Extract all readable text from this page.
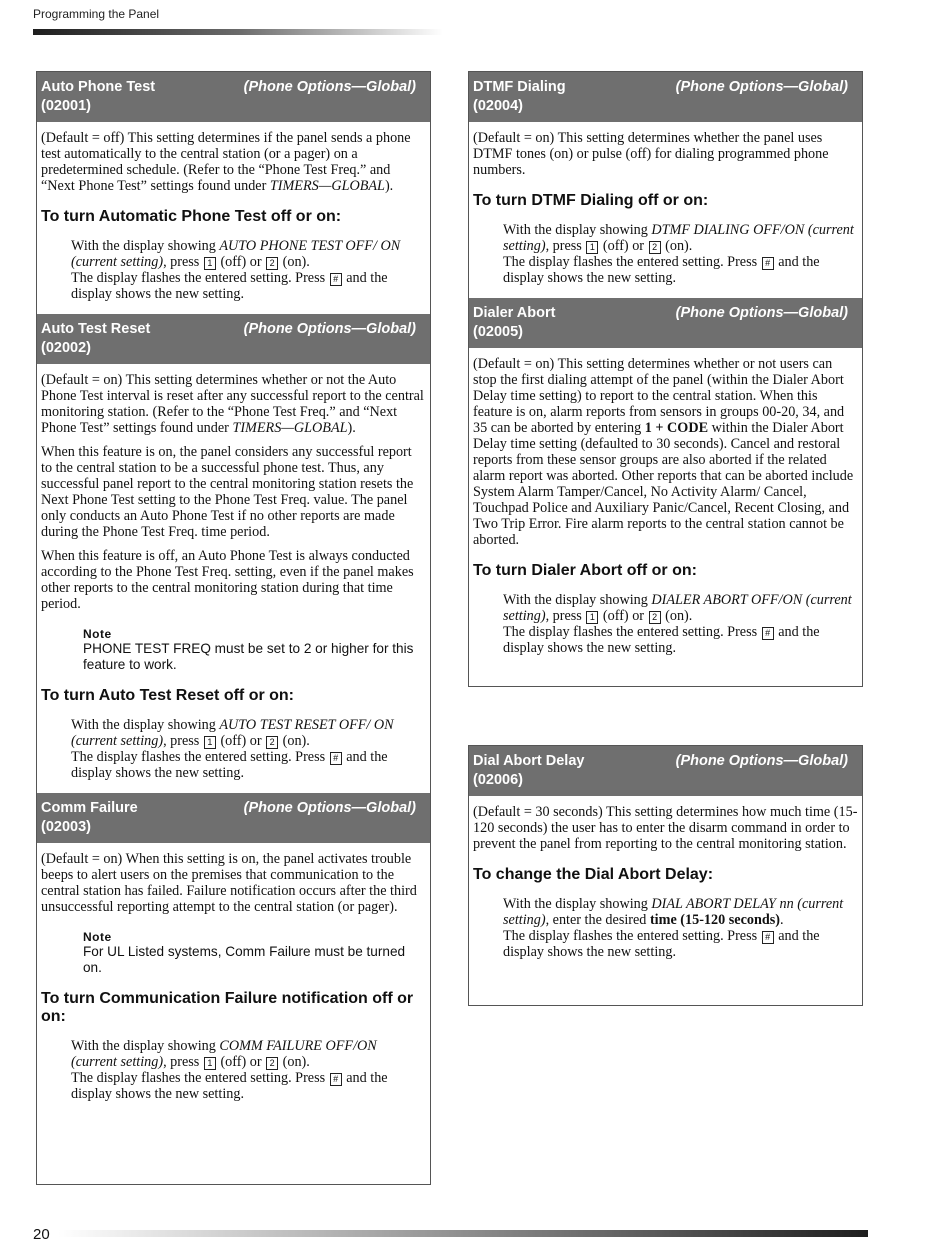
Programming the Panel
Auto Phone Test
(02001)
(Phone Options—Global)

(Default = off) This setting determines if the panel sends a phone test automatically to the central station (or a pager) on a predetermined schedule. (Refer to the “Phone Test Freq.” and “Next Phone Test” settings found under TIMERS—GLOBAL).

To turn Automatic Phone Test off or on:

With the display showing AUTO PHONE TEST OFF/ ON (current setting), press 1 (off) or 2 (on).
The display flashes the entered setting. Press # and the display shows the new setting.

Auto Test Reset
(02002)
(Phone Options—Global)

(Default = on) This setting determines whether or not the Auto Phone Test interval is reset after any successful report to the central monitoring station. (Refer to the “Phone Test Freq.” and “Next Phone Test” settings found under TIMERS—GLOBAL).

When this feature is on, the panel considers any successful report to the central station to be a successful phone test. Thus, any successful panel report to the central monitoring station resets the Next Phone Test setting to the Phone Test Freq. value. The panel only conducts an Auto Phone Test if no other reports are made during the Phone Test Freq. time period.

When this feature is off, an Auto Phone Test is always conducted according to the Phone Test Freq. setting, even if the panel makes other reports to the central monitoring station during that time period.

Note
PHONE TEST FREQ must be set to 2 or higher for this feature to work.
To turn Auto Test Reset off or on:

With the display showing AUTO TEST RESET OFF/ ON (current setting), press 1 (off) or 2 (on).
The display flashes the entered setting. Press # and the display shows the new setting.

Comm Failure
(02003)
(Phone Options—Global)

(Default = on) When this setting is on, the panel activates trouble beeps to alert users on the premises that communication to the central station has failed. Failure notification occurs after the third unsuccessful reporting attempt to the central station (or pager).

Note
For UL Listed systems, Comm Failure must be turned on.
To turn Communication Failure notification off or on:

With the display showing COMM FAILURE OFF/ON (current setting), press 1 (off) or 2 (on).
The display flashes the entered setting. Press # and the display shows the new setting.

DTMF Dialing
(02004)
(Phone Options—Global)

(Default = on) This setting determines whether the panel uses DTMF tones (on) or pulse (off) for dialing programmed phone numbers.

To turn DTMF Dialing off or on:

With the display showing DTMF DIALING OFF/ON (current setting), press 1 (off) or 2 (on).
The display flashes the entered setting. Press # and the display shows the new setting.

Dialer Abort
(02005)
(Phone Options—Global)

(Default = on) This setting determines whether or not users can stop the first dialing attempt of the panel (within the Dialer Abort Delay time setting) to report to the central station. When this feature is on, alarm reports from sensors in groups 00-20, 34, and 35 can be aborted by entering 1 + CODE within the Dialer Abort Delay time setting (defaulted to 30 seconds). Cancel and restoral reports from these sensor groups are also aborted if the related alarm report was aborted. Other reports that can be aborted include System Alarm Tamper/Cancel, No Activity Alarm/ Cancel, Touchpad Police and Auxiliary Panic/Cancel, Recent Closing, and Two Trip Error. Fire alarm reports to the central station cannot be aborted.

To turn Dialer Abort off or on:

With the display showing DIALER ABORT OFF/ON (current setting), press 1 (off) or 2 (on).
The display flashes the entered setting. Press # and the display shows the new setting.

Dial Abort Delay
(02006)
(Phone Options—Global)

(Default = 30 seconds) This setting determines how much time (15-120 seconds) the user has to enter the disarm command in order to prevent the panel from reporting to the central monitoring station.

To change the Dial Abort Delay:

With the display showing DIAL ABORT DELAY nn (current setting), enter the desired time (15-120 seconds).
The display flashes the entered setting. Press # and the display shows the new setting.

20
